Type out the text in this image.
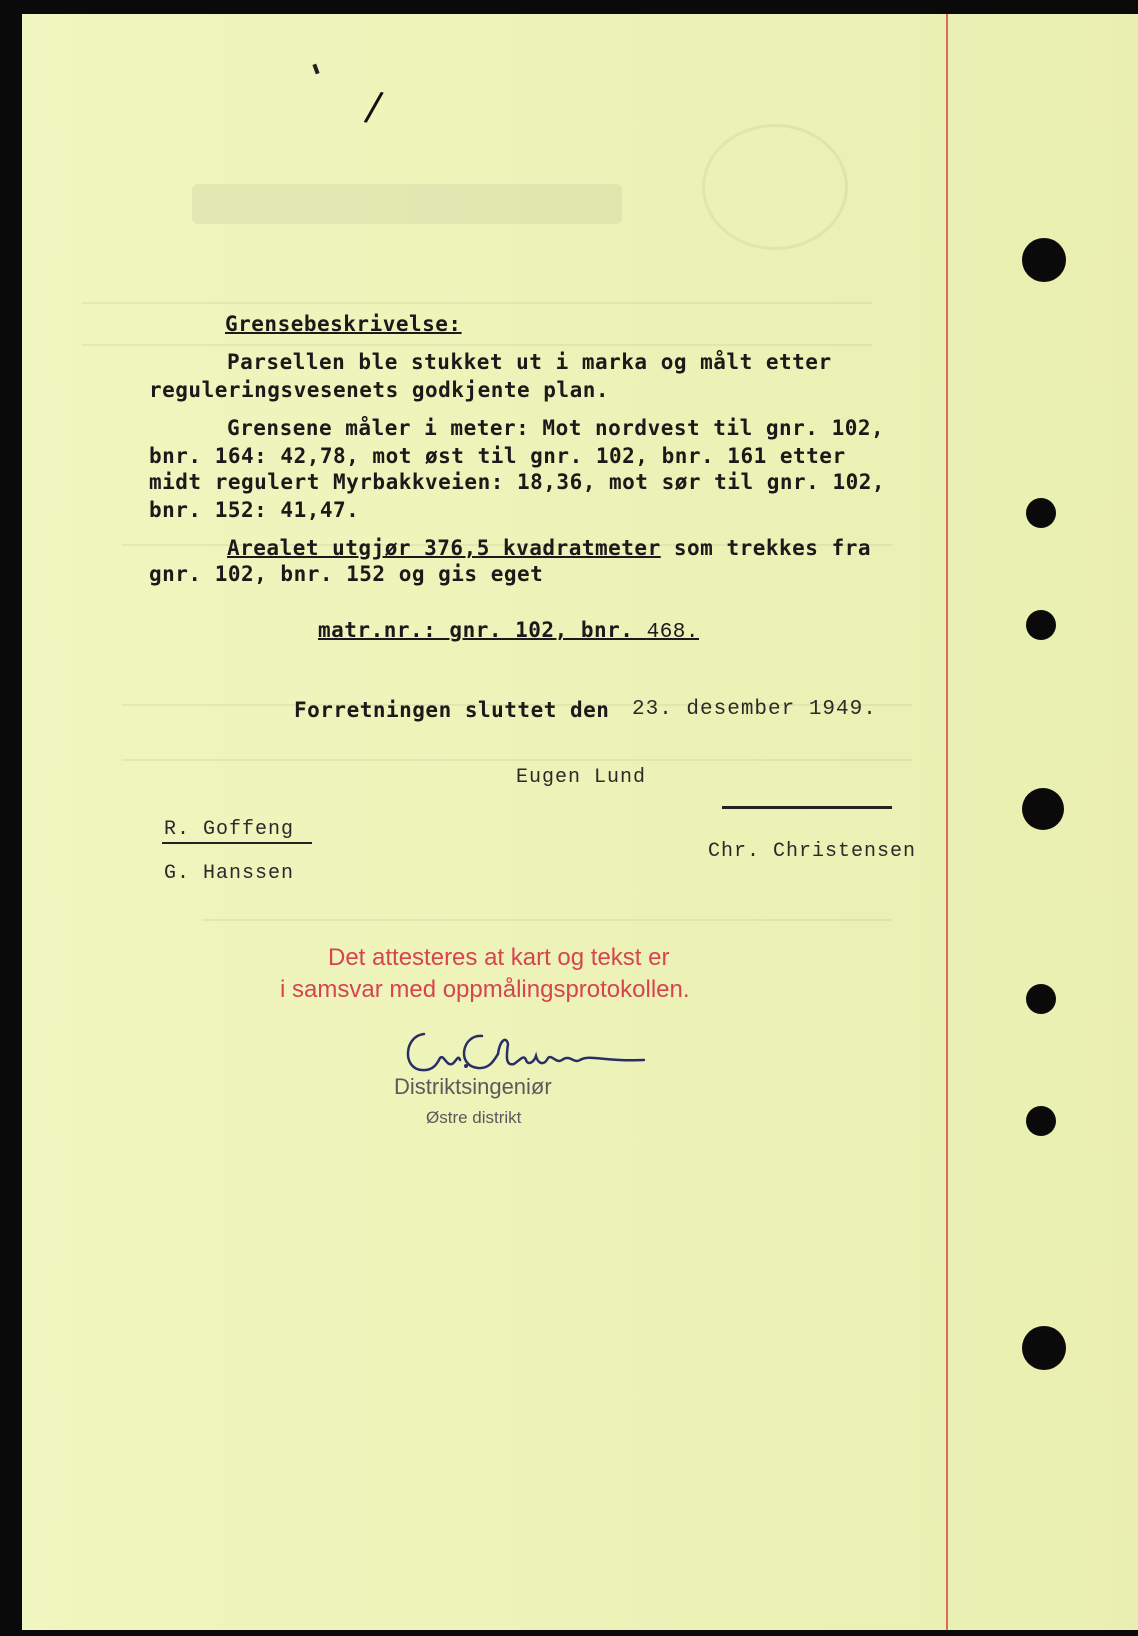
/
Grensebeskrivelse:
Parsellen ble stukket ut i marka og målt etter
reguleringsvesenets godkjente plan.
Grensene måler i meter: Mot nordvest til gnr. 102,
bnr. 164: 42,78, mot øst til gnr. 102, bnr. 161 etter
midt regulert Myrbakkveien: 18,36, mot sør til gnr. 102,
bnr. 152: 41,47.
Arealet utgjør 376,5 kvadratmeter som trekkes fra
gnr. 102, bnr. 152 og gis eget
matr.nr.: gnr. 102, bnr. 468.
Forretningen sluttet den 23. desember 1949.
Eugen Lund
R. Goffeng
Chr. Christensen
G. Hanssen
Det attesteres at kart og tekst er
i samsvar med oppmålingsprotokollen.
Distriktsingeniør
Østre distrikt
